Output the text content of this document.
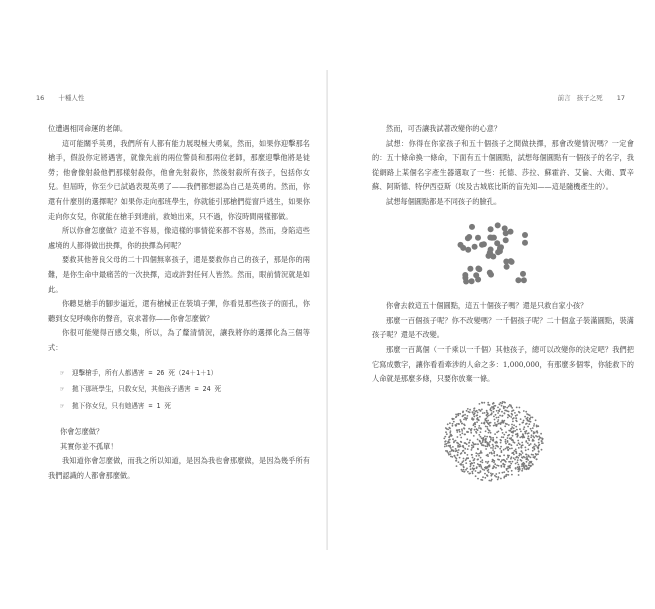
16 十種人性	前言 孩子之死 17

位遭遇相同命運的老師。

這可能關乎英勇，我們所有人都有能力展現極大勇氣，然而，如果你迎擊那名槍手，假設你定將遇害，就像先前的兩位警員和那兩位老師，那麼迎擊他將是徒勞；他會像射殺他們那樣射殺你，他會先射殺你，然後射殺所有孩子，包括你女兒。但屆時，你至少已試過表現英勇了——我們都想認為自己是英勇的。然而，你還有什麼別的選擇呢？如果你走向那班學生，你就能引那槍們從窗戶逃生，如果你走向你女兒，你就能在槍手到達前，救她出來，只不過，你沒時間兩樣都做。

所以你會怎麼做？這並不容易，像這樣的事情從來都不容易，然而，身陷這些處境的人都得做出抉擇，你的抉擇為何呢？

要救其他善良父母的二十四個無辜孩子，還是要救你自己的孩子，那是你的兩難，是你生命中最痛苦的一次抉擇，這或許對任何人皆然。然而，眼前情況就是如此。

你聽見槍手的腳步逼近，還有槍械正在裝填子彈，你看見那些孩子的面孔，你聽到女兒呼喚你的聲音，哀求著你——你會怎麼做？

你很可能變得百感交集，所以，為了釐清情況，讓我將你的選擇化為三個等式：

☞ 迎擊槍手，所有人都遇害 = 26 死（24＋1＋1）

☞ 拋下那班學生，只救女兒，其他孩子遇害 = 24 死

☞ 拋下你女兒，只有她遇害 = 1 死

你會怎麼做？

其實你並不孤單！

我知道你會怎麼做，而我之所以知道，是因為我也會那麼做，是因為幾乎所有我們認識的人都會那麼做。

然而，可否讓我試著改變你的心意？

試想：你得在你家孩子和五十個孩子之間做抉擇，那會改變情況嗎？一定會的：五十條命換一條命，下面有五十個圓點，試想每個圓點有一個孩子的名字，我從網路上某個名字產生器選取了一些：托德、莎拉、蘇霍許、艾倫、大衛、賈辛蘇、阿斯德、特伊西亞斯（埃及古城底比斯的盲先知——這是隨機產生的）。

試想每個圓點都是不同孩子的臉孔。

你會去救這五十個圓點，這五十個孩子嗎？還是只救自家小孩？

那麼一百個孩子呢？你不改變嗎？一千個孩子呢？二十個盒子裝滿圓點，裝滿孩子呢？還是不改變。

那麼一百萬個（一千乘以一千個）其他孩子，總可以改變你的決定吧？我們把它寫成數字，讓你看看牽涉的人命之多：1,000,000，有那麼多個零，你能救下的人命就是那麼多條，只要你放棄一條。
